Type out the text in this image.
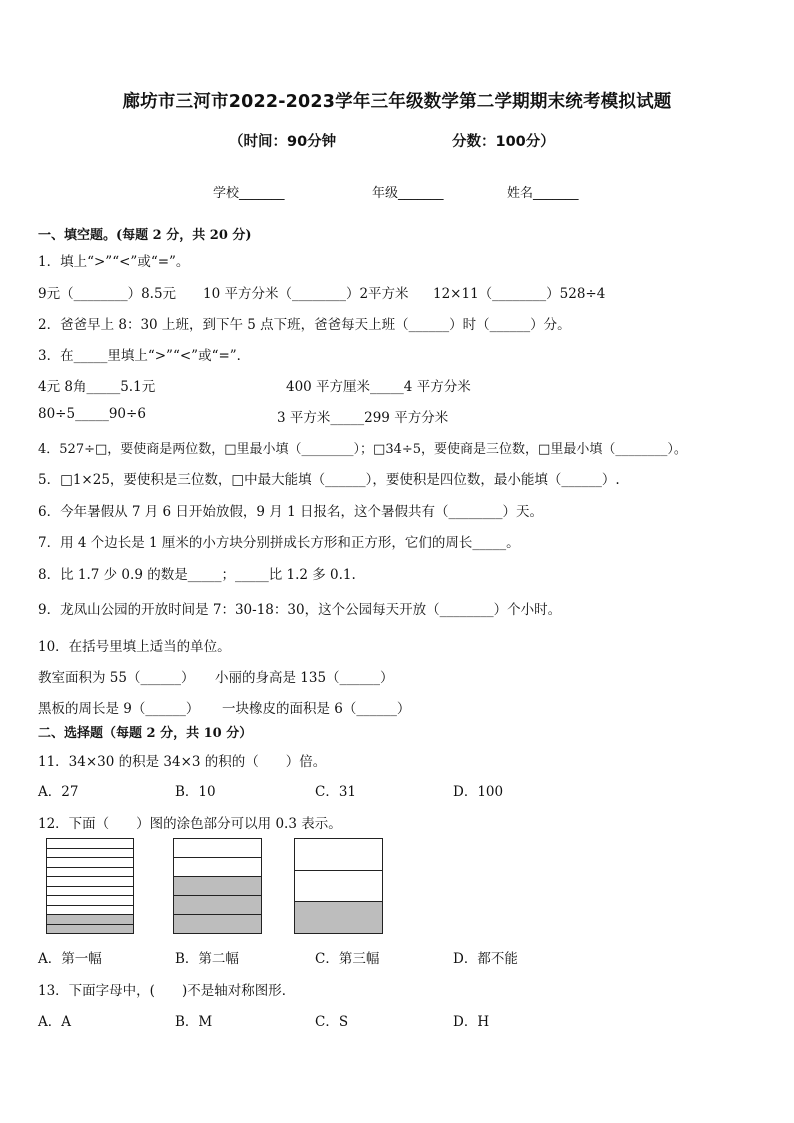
廊坊市三河市2022-2023学年三年级数学第二学期期末统考模拟试题
（时间：90分钟	分数：100分）
学校_______	年级_______	姓名_______
一、填空题。(每题 2 分，共 20 分)
1．填上“>”“<”或“=”。
9元（________）8.5元 10 平方分米（________）2平方米 12×11（________）528÷4
2．爸爸早上 8：30 上班，到下午 5 点下班，爸爸每天上班（______）时（______）分。
3．在_____里填上“>”“<”或“=”．
4元 8角_____5.1元	400 平方厘米_____4 平方分米
80÷5_____90÷6	3 平方米_____299 平方分米
4．527÷□，要使商是两位数，□里最小填（________）；□34÷5，要使商是三位数，□里最小填（________）。
5．□1×25，要使积是三位数，□中最大能填（______），要使积是四位数，最小能填（______）.
6．今年暑假从 7 月 6 日开始放假，9 月 1 日报名，这个暑假共有（________）天。
7．用 4 个边长是 1 厘米的小方块分别拼成长方形和正方形，它们的周长_____。
8．比 1.7 少 0.9 的数是_____；_____比 1.2 多 0.1.
9．龙凤山公园的开放时间是 7：30-18：30，这个公园每天开放（________）个小时。
10．在括号里填上适当的单位。
教室面积为 55（______） 小丽的身高是 135（______）
黑板的周长是 9（______） 一块橡皮的面积是 6（______）
二、选择题（每题 2 分，共 10 分）
11．34×30 的积是 34×3 的积的（　　）倍。
A．27	B．10	C．31	D．100
12．下面（　　）图的涂色部分可以用 0.3 表示。
A．第一幅	B．第二幅	C．第三幅	D．都不能
13．下面字母中，(　　)不是轴对称图形．
A．A	B．M	C．S	D．H
